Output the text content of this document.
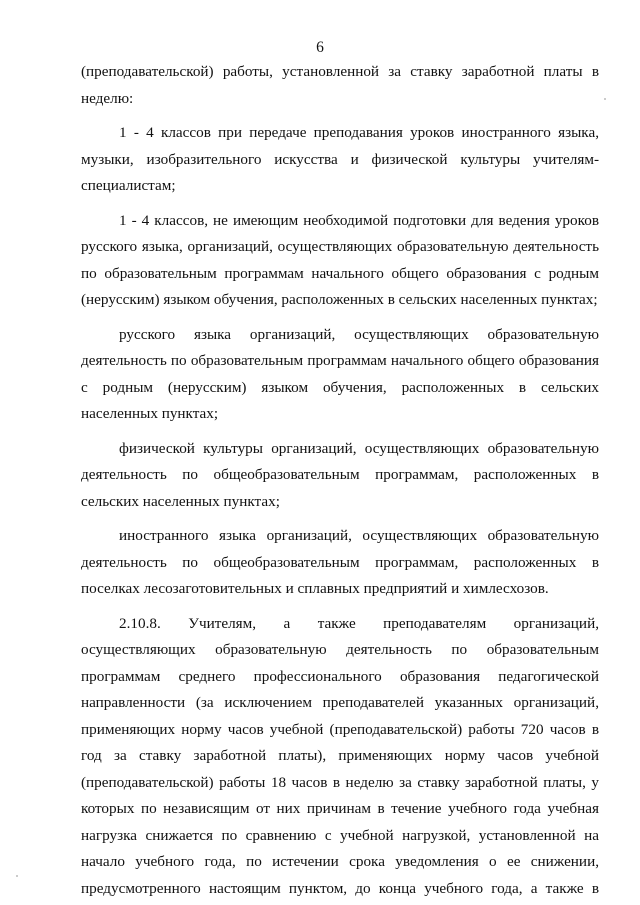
6

(преподавательской) работы, установленной за ставку заработной платы в неделю:

1 - 4 классов при передаче преподавания уроков иностранного языка, музыки, изобразительного искусства и физической культуры учителям-специалистам;

1 - 4 классов, не имеющим необходимой подготовки для ведения уроков русского языка, организаций, осуществляющих образовательную деятельность по образовательным программам начального общего образования с родным (нерусским) языком обучения, расположенных в сельских населенных пунктах;

русского языка организаций, осуществляющих образовательную деятельность по образовательным программам начального общего образования с родным (нерусским) языком обучения, расположенных в сельских населенных пунктах;

физической культуры организаций, осуществляющих образовательную деятельность по общеобразовательным программам, расположенных в сельских населенных пунктах;

иностранного языка организаций, осуществляющих образовательную деятельность по общеобразовательным программам, расположенных в поселках лесозаготовительных и сплавных предприятий и химлесхозов.

2.10.8. Учителям, а также преподавателям организаций, осуществляющих образовательную деятельность по образовательным программам среднего профессионального образования педагогической направленности (за исключением преподавателей указанных организаций, применяющих норму часов учебной (преподавательской) работы 720 часов в год за ставку заработной платы), применяющих норму часов учебной (преподавательской) работы 18 часов в неделю за ставку заработной платы, у которых по независящим от них причинам в течение учебного года учебная нагрузка снижается по сравнению с учебной нагрузкой, установленной на начало учебного года, по истечении срока уведомления о ее снижении, предусмотренного настоящим пунктом, до конца учебного года, а также в
